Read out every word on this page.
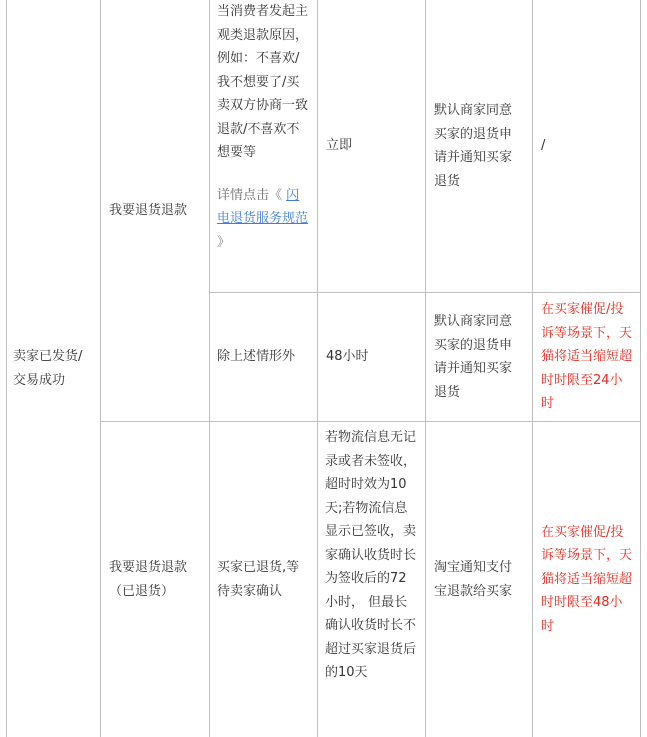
卖家已发货/交易成功

我要退货退款

当消费者发起主观类退款原因，例如：不喜欢/我不想要了/买卖双方协商一致退款/不喜欢不想要等

详情点击《 闪电退货服务规范 》

立即

默认商家同意买家的退货申请并通知买家退货

/

除上述情形外	48小时

默认商家同意买家的退货申请并通知买家退货

在买家催促/投诉等场景下，天猫将适当缩短超时时限至24小时

我要退货退款（已退货）

买家已退货,等待卖家确认

若物流信息无记录或者未签收，超时时效为10天;若物流信息显示已签收，卖家确认收货时长为签收后的72小时， 但最长确认收货时长不超过买家退货后的10天

淘宝通知支付宝退款给买家

在买家催促/投诉等场景下，天猫将适当缩短超时时限至48小时
